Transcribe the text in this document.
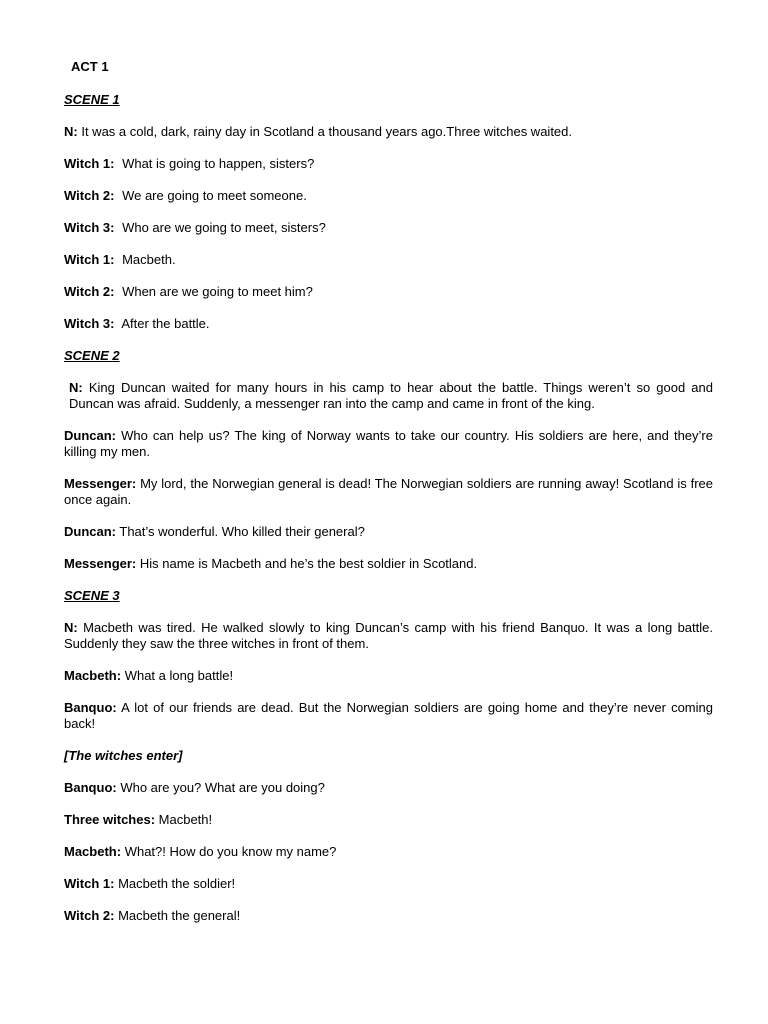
ACT 1
SCENE 1
N: It was a cold, dark, rainy day in Scotland a thousand years ago.Three witches waited.
Witch 1: What is going to happen, sisters?
Witch 2: We are going to meet someone.
Witch 3: Who are we going to meet, sisters?
Witch 1: Macbeth.
Witch 2: When are we going to meet him?
Witch 3: After the battle.
SCENE 2
N: King Duncan waited for many hours in his camp to hear about the battle. Things weren’t so good and Duncan was afraid. Suddenly, a messenger ran into the camp and came in front of the king.
Duncan: Who can help us? The king of Norway wants to take our country. His soldiers are here, and they’re killing my men.
Messenger: My lord, the Norwegian general is dead! The Norwegian soldiers are running away! Scotland is free once again.
Duncan: That’s wonderful. Who killed their general?
Messenger: His name is Macbeth and he’s the best soldier in Scotland.
SCENE 3
N: Macbeth was tired. He walked slowly to king Duncan’s camp with his friend Banquo. It was a long battle. Suddenly they saw the three witches in front of them.
Macbeth: What a long battle!
Banquo: A lot of our friends are dead. But the Norwegian soldiers are going home and they’re never coming back!
[The witches enter]
Banquo: Who are you? What are you doing?
Three witches: Macbeth!
Macbeth: What?! How do you know my name?
Witch 1: Macbeth the soldier!
Witch 2: Macbeth the general!
